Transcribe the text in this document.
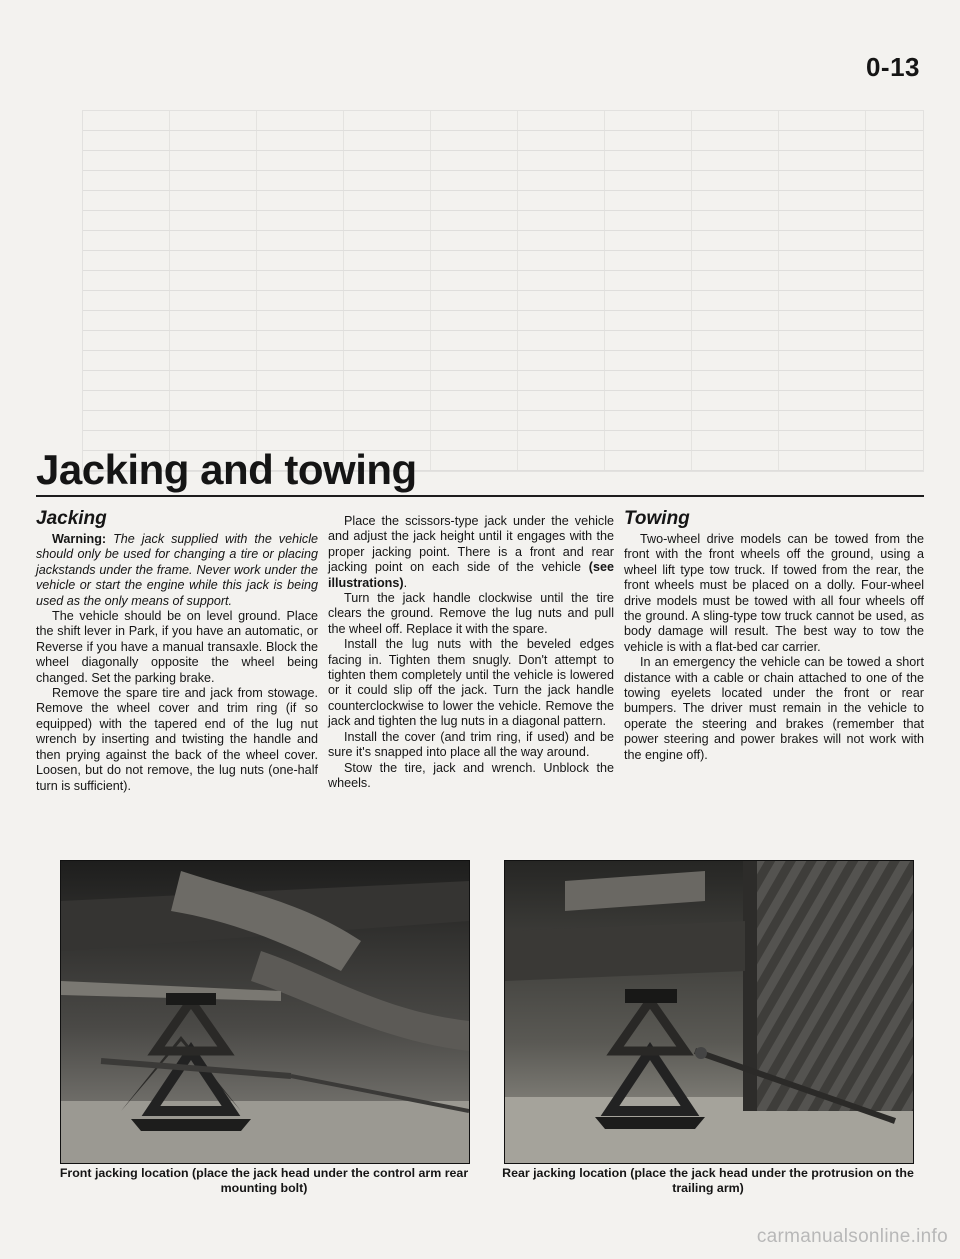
0-13
Jacking and towing
Jacking

Warning: The jack supplied with the vehicle should only be used for changing a tire or placing jackstands under the frame. Never work under the vehicle or start the engine while this jack is being used as the only means of support.

The vehicle should be on level ground. Place the shift lever in Park, if you have an automatic, or Reverse if you have a manual transaxle. Block the wheel diagonally opposite the wheel being changed. Set the parking brake.

Remove the spare tire and jack from stowage. Remove the wheel cover and trim ring (if so equipped) with the tapered end of the lug nut wrench by inserting and twisting the handle and then prying against the back of the wheel cover. Loosen, but do not remove, the lug nuts (one-half turn is sufficient).

Place the scissors-type jack under the vehicle and adjust the jack height until it engages with the proper jacking point. There is a front and rear jacking point on each side of the vehicle (see illustrations).

Turn the jack handle clockwise until the tire clears the ground. Remove the lug nuts and pull the wheel off. Replace it with the spare.

Install the lug nuts with the beveled edges facing in. Tighten them snugly. Don't attempt to tighten them completely until the vehicle is lowered or it could slip off the jack. Turn the jack handle counterclockwise to lower the vehicle. Remove the jack and tighten the lug nuts in a diagonal pattern.

Install the cover (and trim ring, if used) and be sure it's snapped into place all the way around.

Stow the tire, jack and wrench. Unblock the wheels.

Towing

Two-wheel drive models can be towed from the front with the front wheels off the ground, using a wheel lift type tow truck. If towed from the rear, the front wheels must be placed on a dolly. Four-wheel drive models must be towed with all four wheels off the ground. A sling-type tow truck cannot be used, as body damage will result. The best way to tow the vehicle is with a flat-bed car carrier.

In an emergency the vehicle can be towed a short distance with a cable or chain attached to one of the towing eyelets located under the front or rear bumpers. The driver must remain in the vehicle to operate the steering and brakes (remember that power steering and power brakes will not work with the engine off).

Front jacking location (place the jack head under the control arm rear mounting bolt)
Rear jacking location (place the jack head under the protrusion on the trailing arm)
carmanualsonline.info
